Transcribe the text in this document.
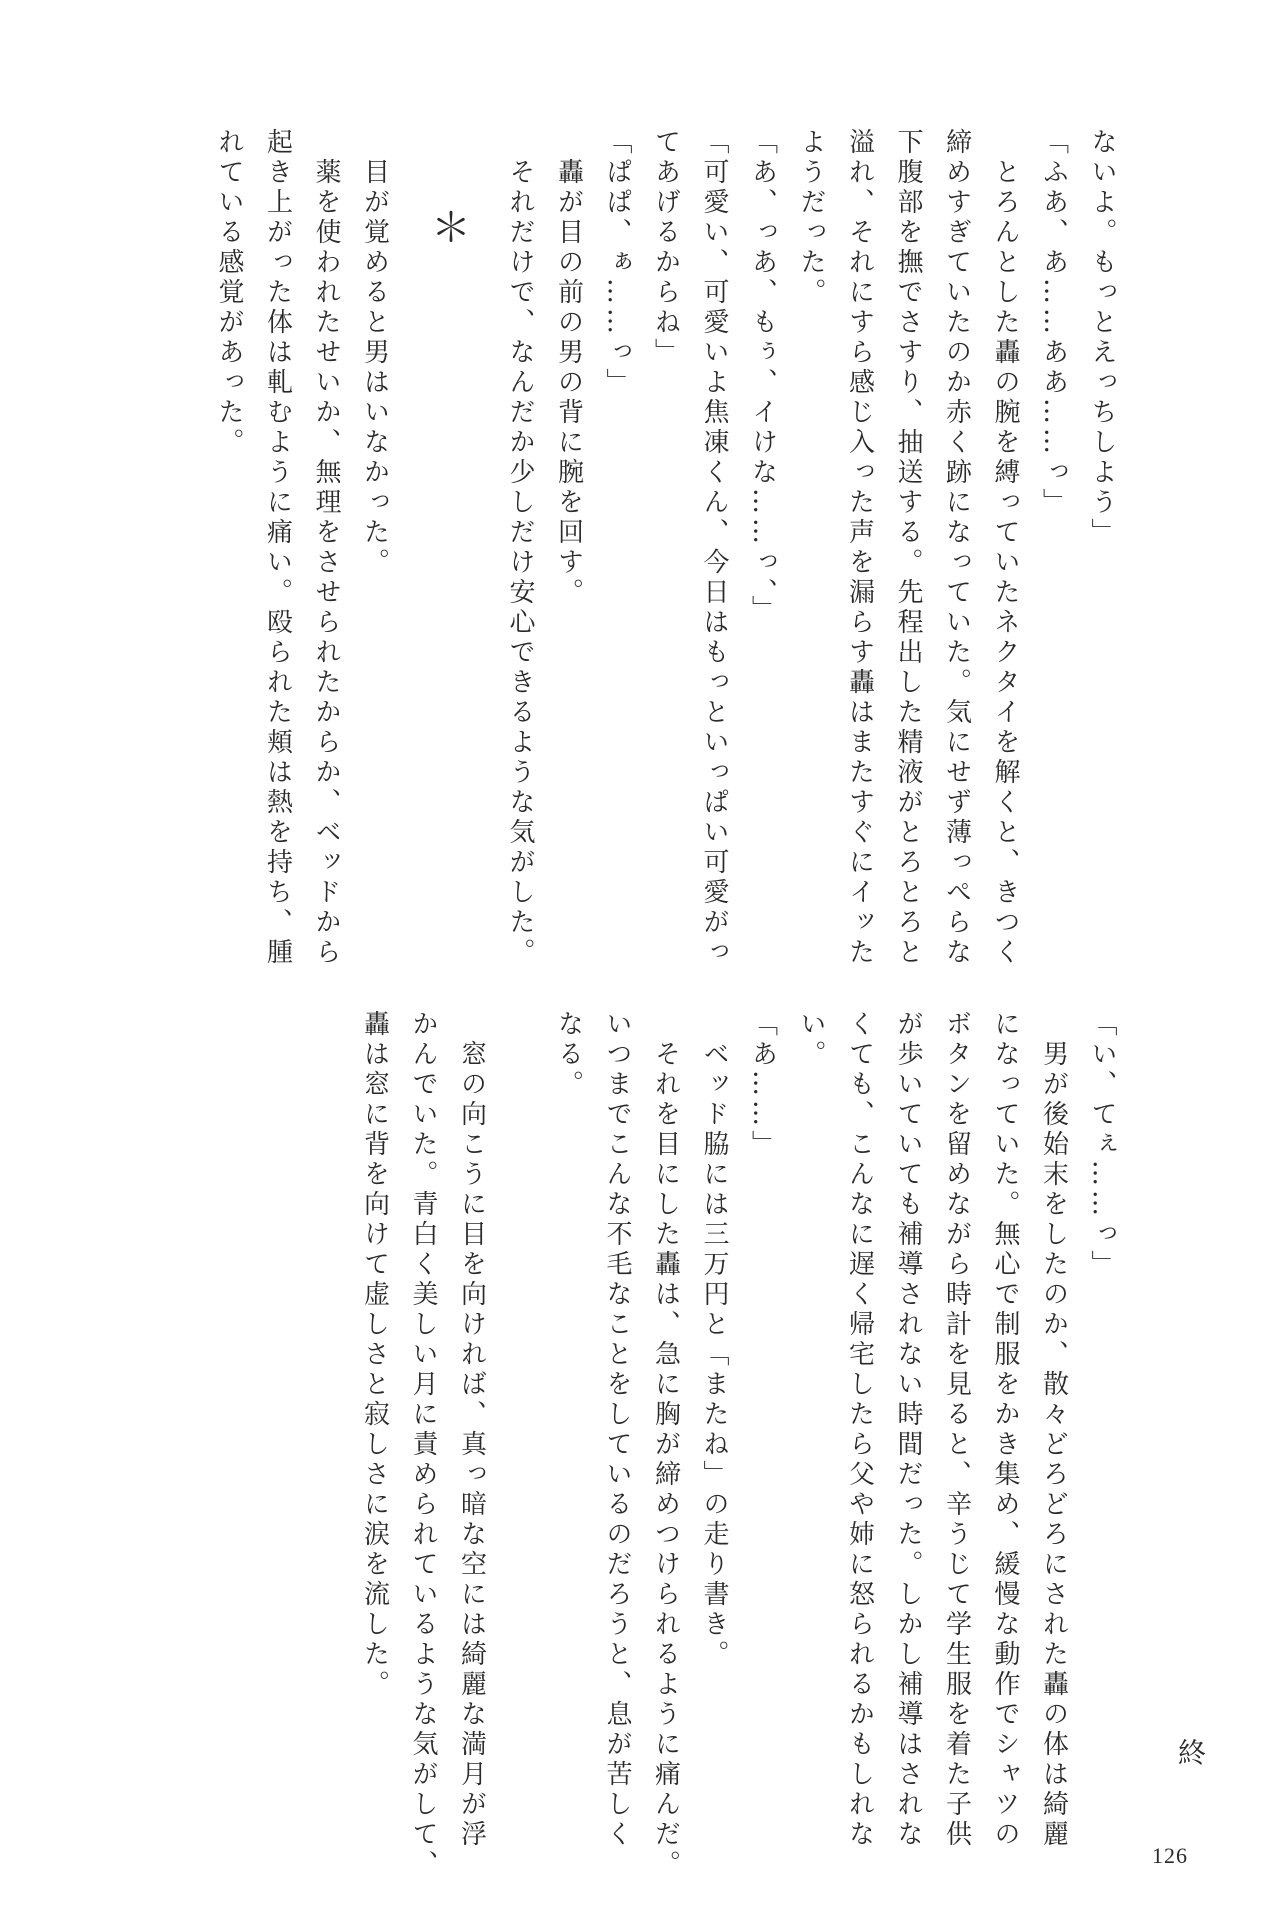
ないよ。もっとえっちしよう」
「ふあ、あ……ああ……っ」
　とろんとした轟の腕を縛っていたネクタイを解くと、きつく
締めすぎていたのか赤く跡になっていた。気にせず薄っぺらな
下腹部を撫でさすり、抽送する。先程出した精液がとろとろと
溢れ、それにすら感じ入った声を漏らす轟はまたすぐにイッた
ようだった。
「あ、っあ、もぅ、イけな……っ、」
「可愛い、可愛いよ焦凍くん、今日はもっといっぱい可愛がっ
てあげるからね」
「ぱぱ、ぁ……っ」
　轟が目の前の男の背に腕を回す。
　それだけで、なんだか少しだけ安心できるような気がした。
　目が覚めると男はいなかった。
　薬を使われたせいか、無理をさせられたからか、ベッドから
起き上がった体は軋むように痛い。殴られた頬は熱を持ち、腫
れている感覚があった。	＊
「い、てぇ……っ」
　男が後始末をしたのか、散々どろどろにされた轟の体は綺麗
になっていた。無心で制服をかき集め、緩慢な動作でシャツの
ボタンを留めながら時計を見ると、辛うじて学生服を着た子供
が歩いていても補導されない時間だった。しかし補導はされな
くても、こんなに遅く帰宅したら父や姉に怒られるかもしれな
い。
「あ……」
　ベッド脇には三万円と「またね」の走り書き。
　それを目にした轟は、急に胸が締めつけられるように痛んだ。
いつまでこんな不毛なことをしているのだろうと、息が苦しく
なる。
　窓の向こうに目を向ければ、真っ暗な空には綺麗な満月が浮
かんでいた。青白く美しい月に責められているような気がして、
轟は窓に背を向けて虚しさと寂しさに涙を流した。
終
126
